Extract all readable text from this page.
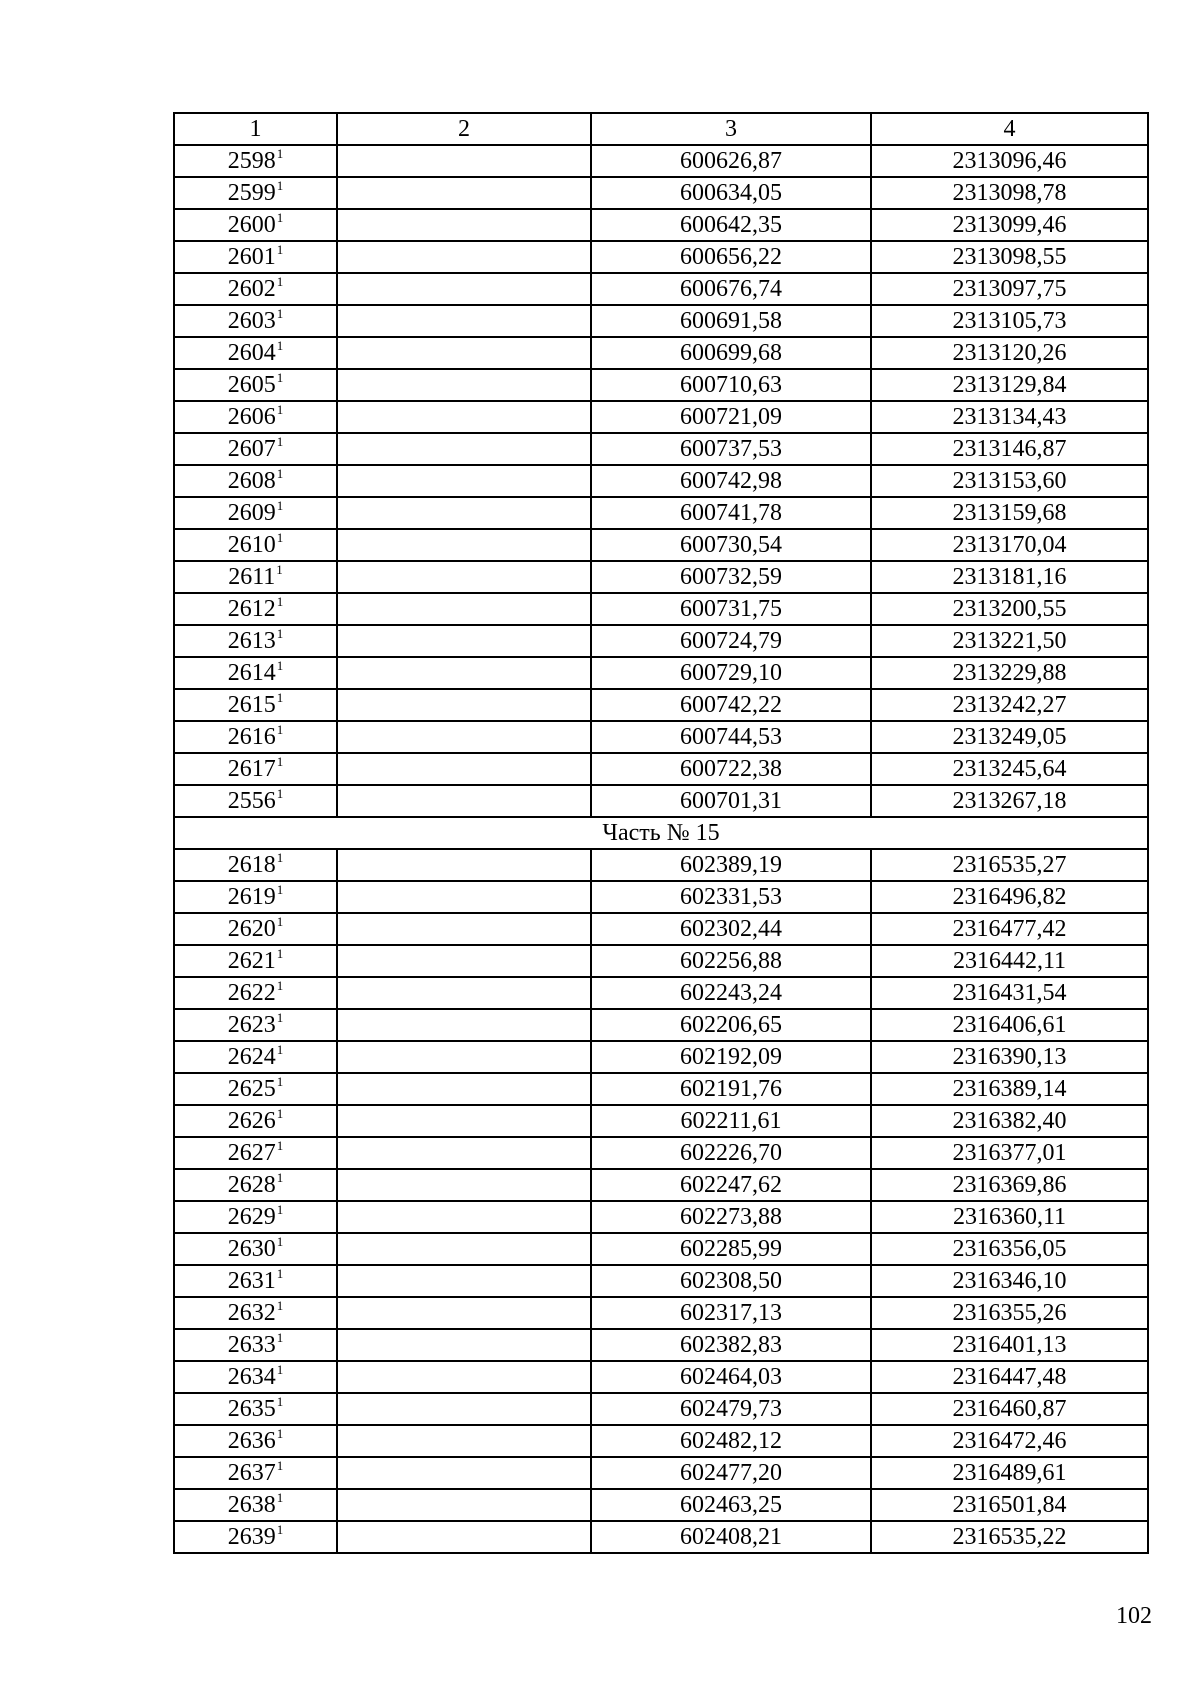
1	2	3	4
2598$^1$		600626,87	2313096,46
2599$^1$		600634,05	2313098,78
2600$^1$		600642,35	2313099,46
2601$^1$		600656,22	2313098,55
2602$^1$		600676,74	2313097,75
2603$^1$		600691,58	2313105,73
2604$^1$		600699,68	2313120,26
2605$^1$		600710,63	2313129,84
2606$^1$		600721,09	2313134,43
2607$^1$		600737,53	2313146,87
2608$^1$		600742,98	2313153,60
2609$^1$		600741,78	2313159,68
2610$^1$		600730,54	2313170,04
2611$^1$		600732,59	2313181,16
2612$^1$		600731,75	2313200,55
2613$^1$		600724,79	2313221,50
2614$^1$		600729,10	2313229,88
2615$^1$		600742,22	2313242,27
2616$^1$		600744,53	2313249,05
2617$^1$		600722,38	2313245,64
2556$^1$		600701,31	2313267,18
Часть № 15			
2618$^1$		602389,19	2316535,27
2619$^1$		602331,53	2316496,82
2620$^1$		602302,44	2316477,42
2621$^1$		602256,88	2316442,11
2622$^1$		602243,24	2316431,54
2623$^1$		602206,65	2316406,61
2624$^1$		602192,09	2316390,13
2625$^1$		602191,76	2316389,14
2626$^1$		602211,61	2316382,40
2627$^1$		602226,70	2316377,01
2628$^1$		602247,62	2316369,86
2629$^1$		602273,88	2316360,11
2630$^1$		602285,99	2316356,05
2631$^1$		602308,50	2316346,10
2632$^1$		602317,13	2316355,26
2633$^1$		602382,83	2316401,13
2634$^1$		602464,03	2316447,48
2635$^1$		602479,73	2316460,87
2636$^1$		602482,12	2316472,46
2637$^1$		602477,20	2316489,61
2638$^1$		602463,25	2316501,84
2639$^1$		602408,21	2316535,22
102
